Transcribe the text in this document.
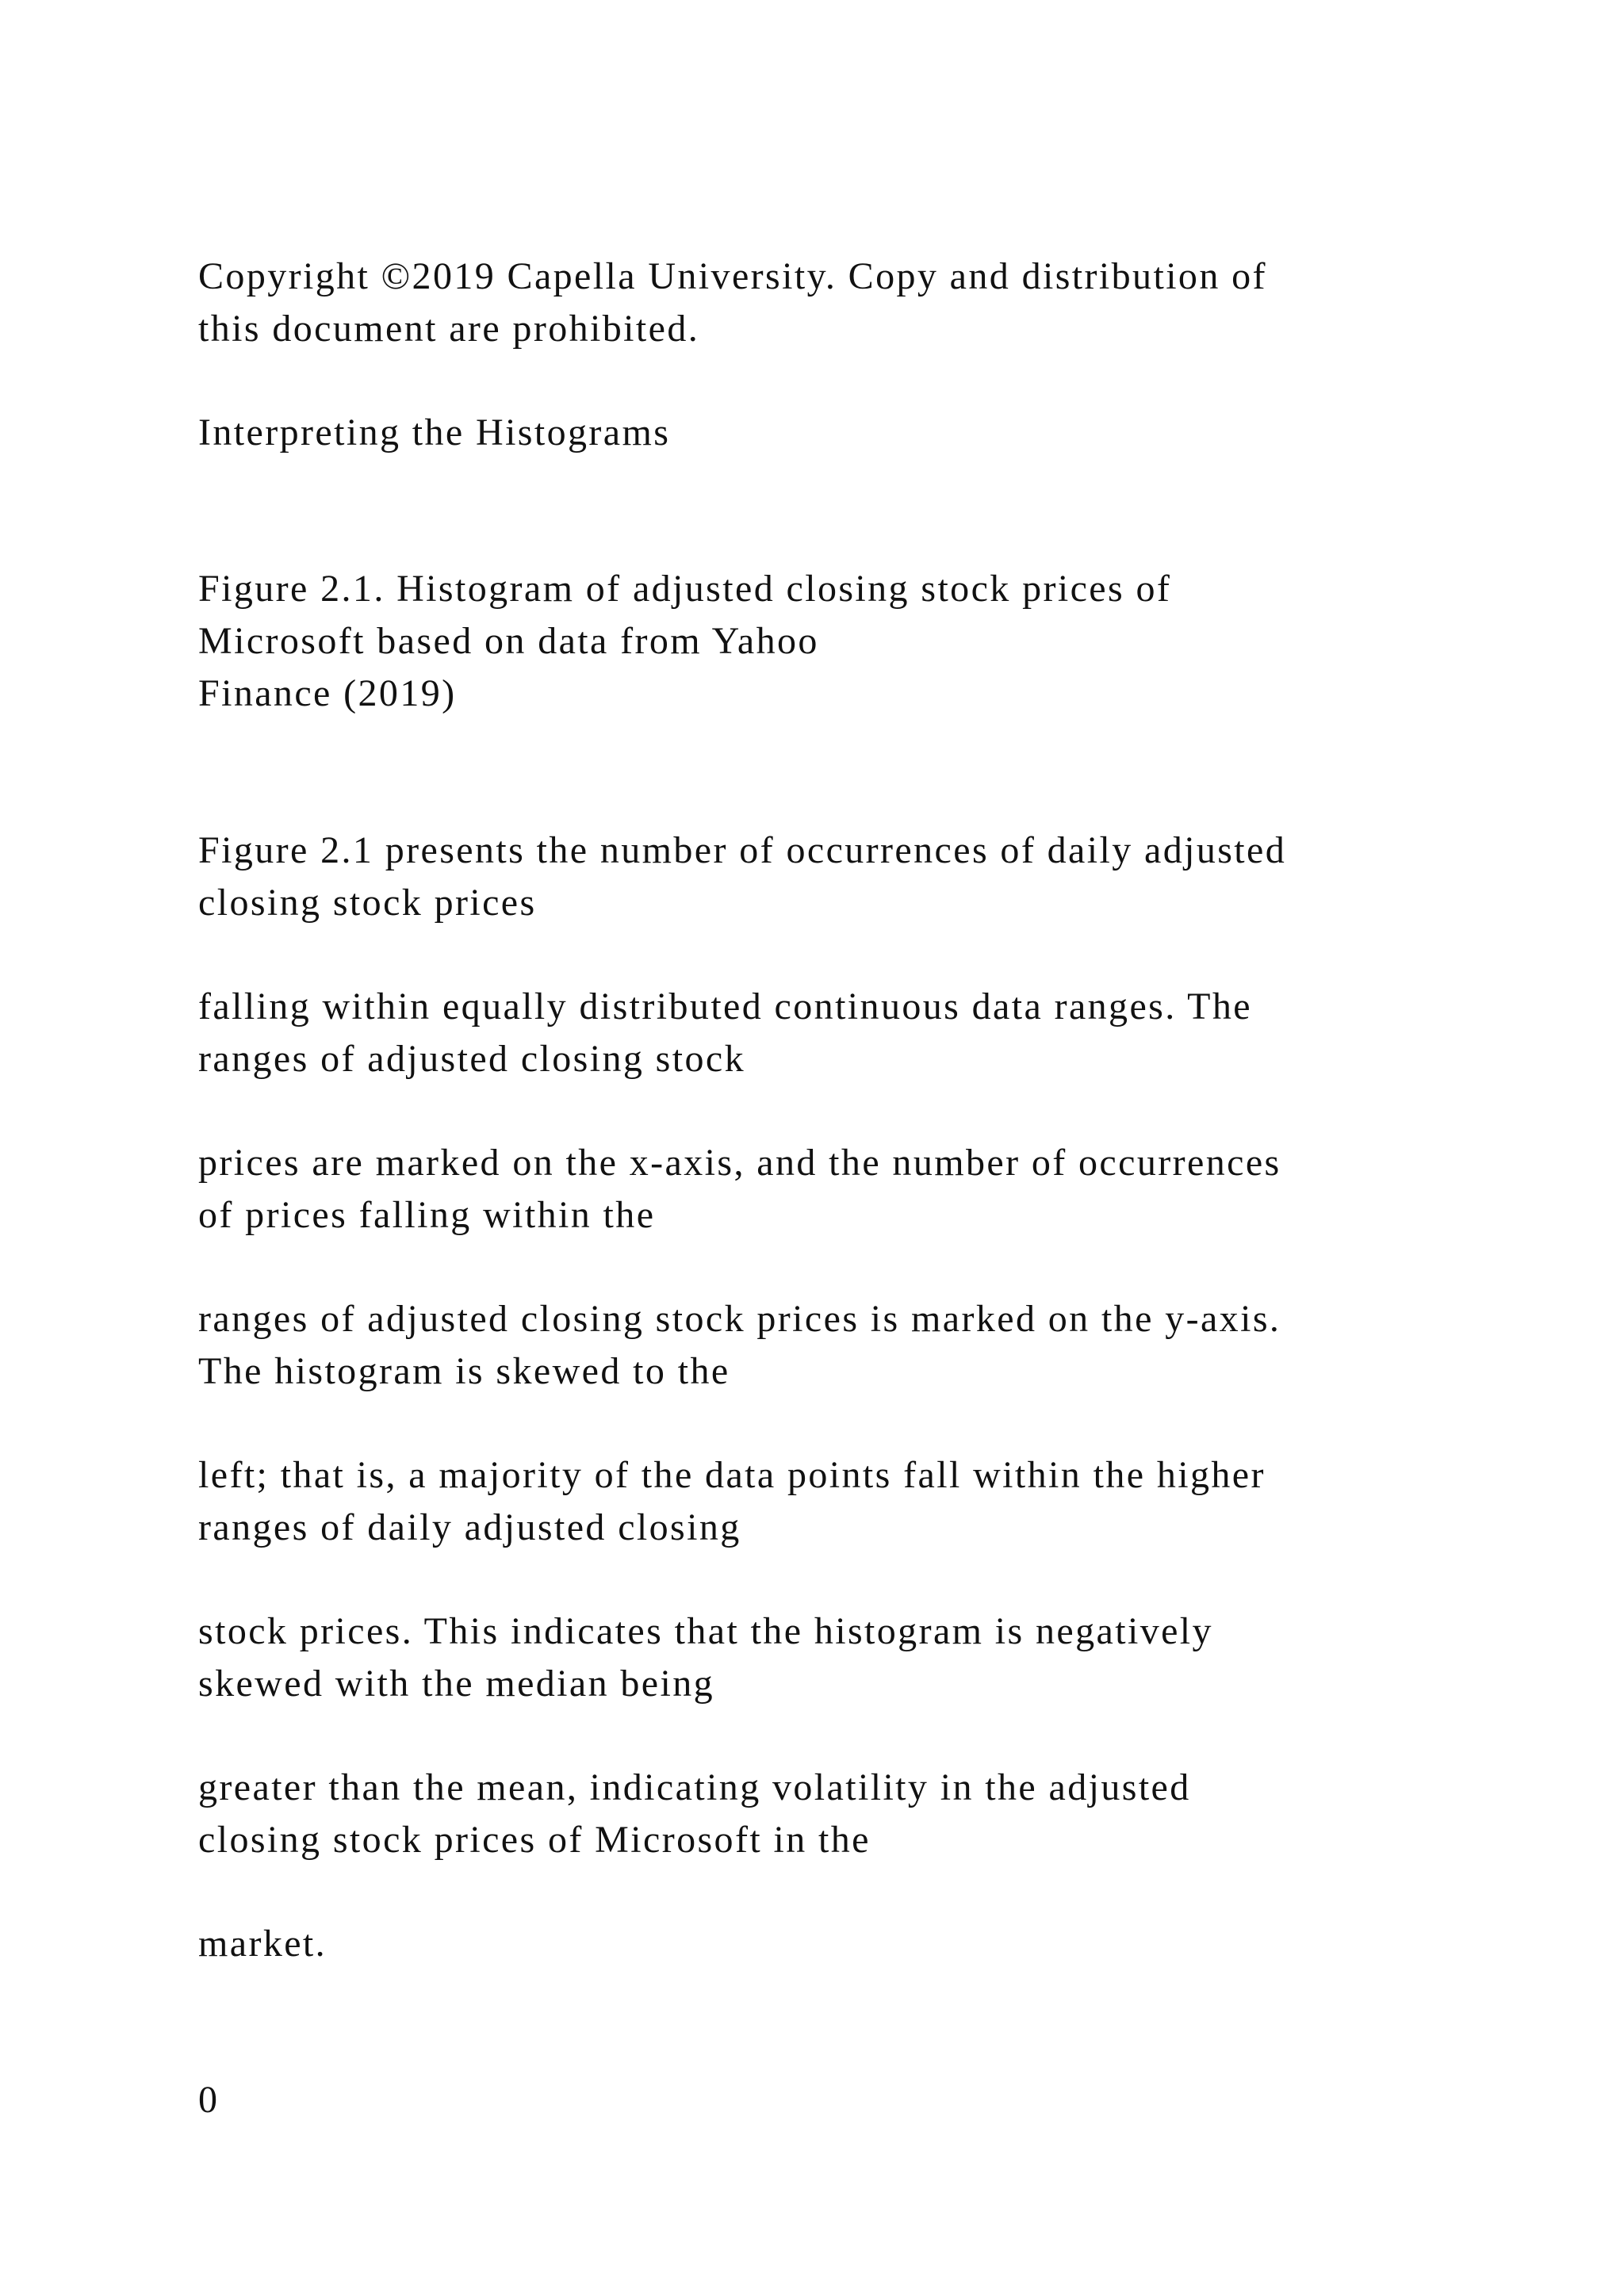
Copyright ©2019 Capella University. Copy and distribution of
this document are prohibited.

Interpreting the Histograms

Figure 2.1. Histogram of adjusted closing stock prices of
Microsoft based on data from Yahoo
Finance (2019)

Figure 2.1 presents the number of occurrences of daily adjusted
closing stock prices

falling within equally distributed continuous data ranges. The
ranges of adjusted closing stock

prices are marked on the x-axis, and the number of occurrences
of prices falling within the

ranges of adjusted closing stock prices is marked on the y-axis.
The histogram is skewed to the

left; that is, a majority of the data points fall within the higher
ranges of daily adjusted closing

stock prices. This indicates that the histogram is negatively
skewed with the median being

greater than the mean, indicating volatility in the adjusted
closing stock prices of Microsoft in the

market.

0
